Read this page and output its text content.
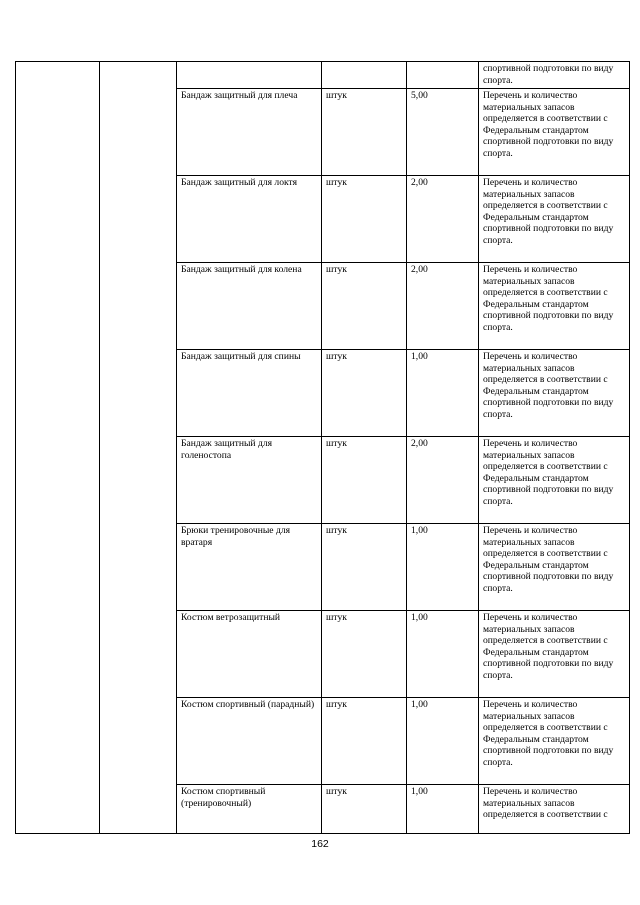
					спортивной подготовки по виду спорта.
		Бандаж защитный для плеча	штук	5,00	Перечень и количество материальных запасов определяется в соответствии с Федеральным стандартом спортивной подготовки по виду спорта.
		Бандаж защитный для локтя	штук	2,00	Перечень и количество материальных запасов определяется в соответствии с Федеральным стандартом спортивной подготовки по виду спорта.
		Бандаж защитный для колена	штук	2,00	Перечень и количество материальных запасов определяется в соответствии с Федеральным стандартом спортивной подготовки по виду спорта.
		Бандаж защитный для спины	штук	1,00	Перечень и количество материальных запасов определяется в соответствии с Федеральным стандартом спортивной подготовки по виду спорта.
		Бандаж защитный для голеностопа	штук	2,00	Перечень и количество материальных запасов определяется в соответствии с Федеральным стандартом спортивной подготовки по виду спорта.
		Брюки тренировочные для вратаря	штук	1,00	Перечень и количество материальных запасов определяется в соответствии с Федеральным стандартом спортивной подготовки по виду спорта.
		Костюм ветрозащитный	штук	1,00	Перечень и количество материальных запасов определяется в соответствии с Федеральным стандартом спортивной подготовки по виду спорта.
		Костюм спортивный (парадный)	штук	1,00	Перечень и количество материальных запасов определяется в соответствии с Федеральным стандартом спортивной подготовки по виду спорта.
		Костюм спортивный (тренировочный)	штук	1,00	Перечень и количество материальных запасов определяется в соответствии с
162
